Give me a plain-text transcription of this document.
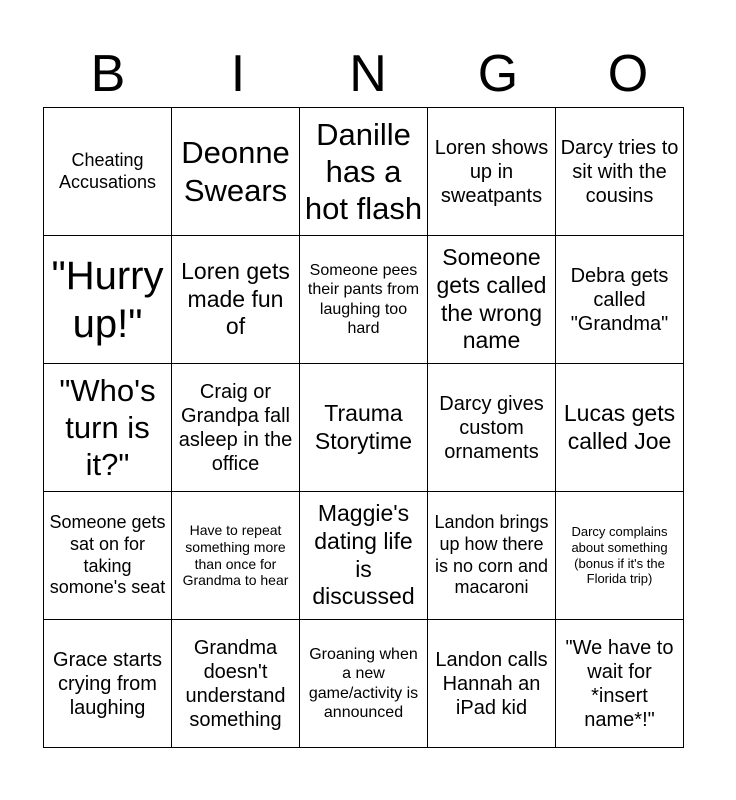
B	I	N	G	O
Cheating Accusations	Deonne Swears	Danille has a hot flash	Loren shows up in sweatpants	Darcy tries to sit with the cousins
"Hurry up!"	Loren gets made fun of	Someone pees their pants from laughing too hard	Someone gets called the wrong name	Debra gets called "Grandma"
"Who's turn is it?"	Craig or Grandpa fall asleep in the office	Trauma Storytime	Darcy gives custom ornaments	Lucas gets called Joe
Someone gets sat on for taking somone's seat	Have to repeat something more than once for Grandma to hear	Maggie's dating life is discussed	Landon brings up how there is no corn and macaroni	Darcy complains about something (bonus if it's the Florida trip)
Grace starts crying from laughing	Grandma doesn't understand something	Groaning when a new game/activity is announced	Landon calls Hannah an iPad kid	"We have to wait for *insert name*!"
